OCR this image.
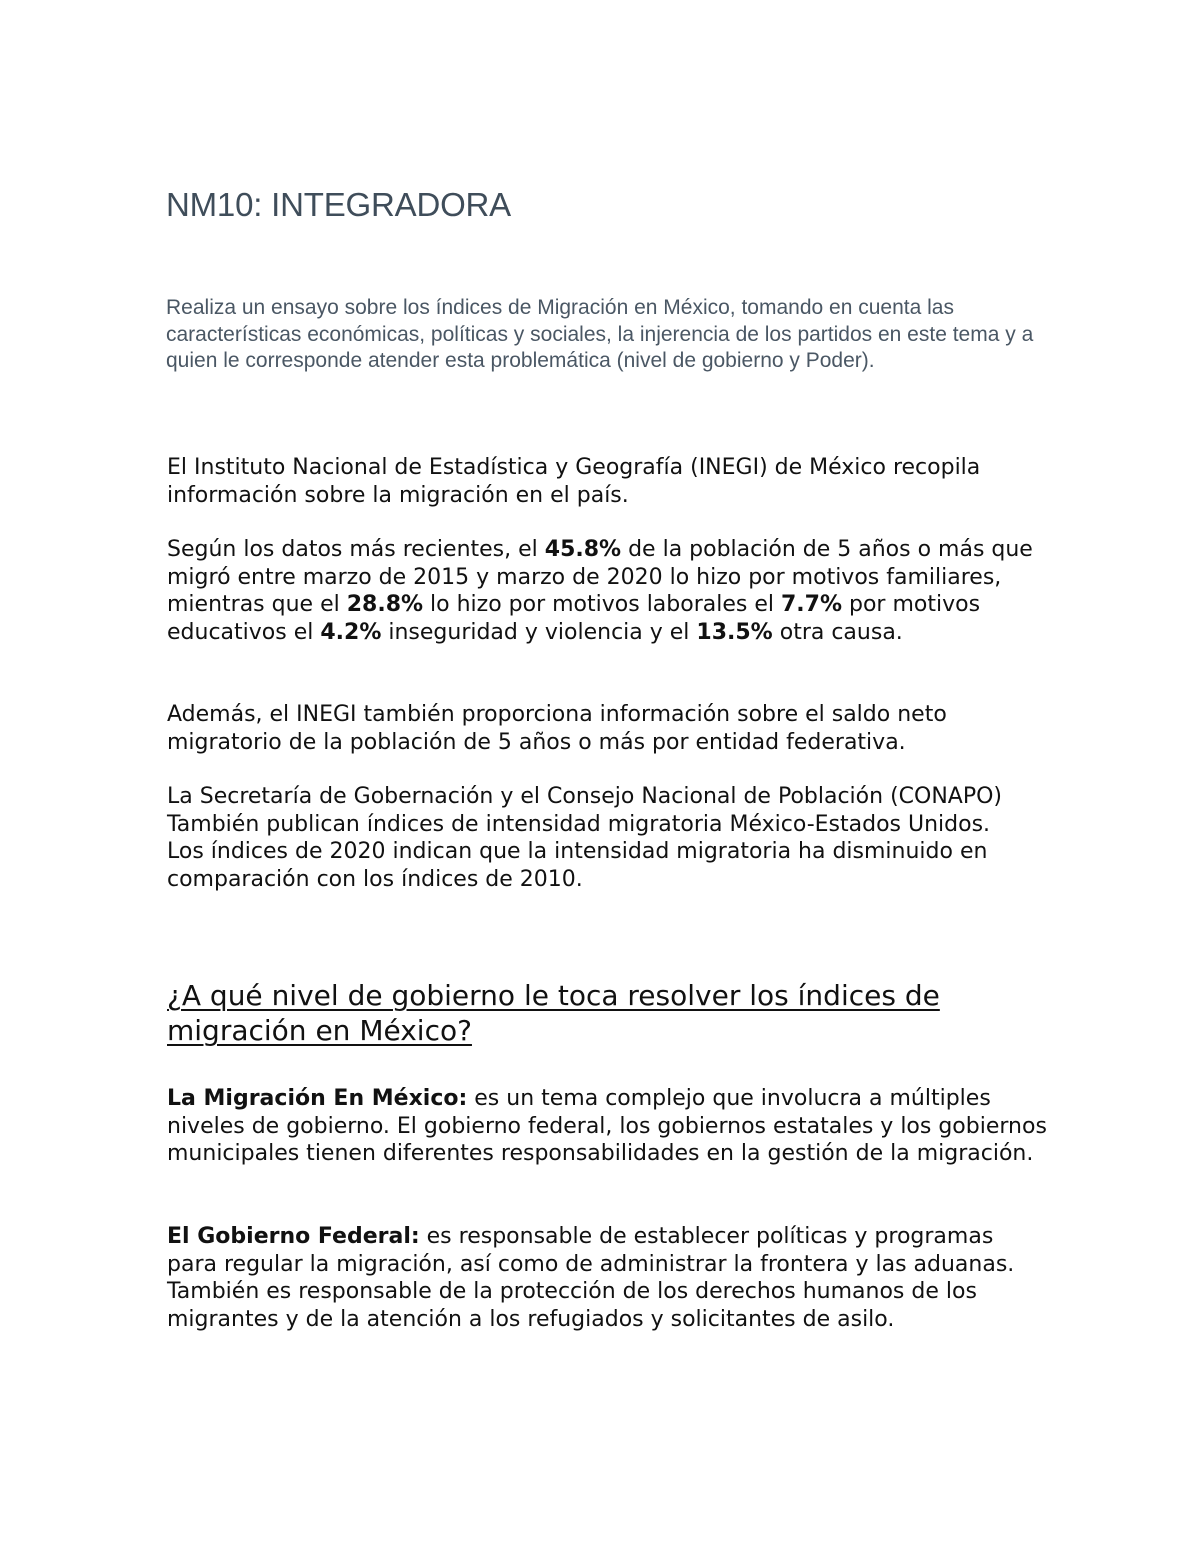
NM10: INTEGRADORA

Realiza un ensayo sobre los índices de Migración en México, tomando en cuenta las características económicas, políticas y sociales, la injerencia de los partidos en este tema y a quien le corresponde atender esta problemática (nivel de gobierno y Poder).

El Instituto Nacional de Estadística y Geografía (INEGI) de México recopila información sobre la migración en el país.

Según los datos más recientes, el 45.8% de la población de 5 años o más que migró entre marzo de 2015 y marzo de 2020 lo hizo por motivos familiares, mientras que el 28.8% lo hizo por motivos laborales el 7.7% por motivos educativos el 4.2% inseguridad y violencia y el 13.5% otra causa.

Además, el INEGI también proporciona información sobre el saldo neto migratorio de la población de 5 años o más por entidad federativa.

La Secretaría de Gobernación y el Consejo Nacional de Población (CONAPO)
También publican índices de intensidad migratoria México-Estados Unidos.
Los índices de 2020 indican que la intensidad migratoria ha disminuido en comparación con los índices de 2010.
¿A qué nivel de gobierno le toca resolver los índices de migración en México?

La Migración En México: es un tema complejo que involucra a múltiples niveles de gobierno. El gobierno federal, los gobiernos estatales y los gobiernos municipales tienen diferentes responsabilidades en la gestión de la migración.

El Gobierno Federal: es responsable de establecer políticas y programas para regular la migración, así como de administrar la frontera y las aduanas. También es responsable de la protección de los derechos humanos de los migrantes y de la atención a los refugiados y solicitantes de asilo.
